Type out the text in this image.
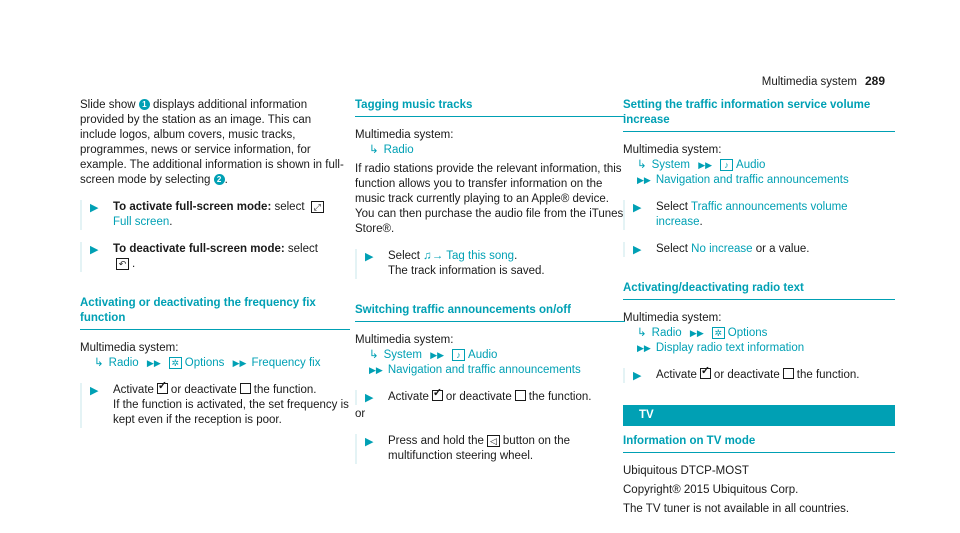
Multimedia system 289

Slide show 1 displays additional information provided by the station as an image. This can include logos, album covers, music tracks, programmes, news or service information, for example. The additional information is shown in full-screen mode by selecting 2 .

▶ To activate full-screen mode: select ⤢
Full screen.
▶ To deactivate full-screen mode: select
↶ .
Activating or deactivating the frequency fix function

Multimedia system:

↳ Radio ▶▶ ✲ Options ▶▶ Frequency fix

▶ Activate ✓ or deactivate the function.
If the function is activated, the set frequency is kept even if the reception is poor.
Tagging music tracks

Multimedia system:

↳ Radio

If radio stations provide the relevant information, this function allows you to transfer information on the music track currently playing to an Apple® device. You can then purchase the audio file from the iTunes Store®.

▶ Select ♫→ Tag this song.
The track information is saved.
Switching traffic announcements on/off

Multimedia system:

↳ System ▶▶ ♪ Audio

▶▶ Navigation and traffic announcements

▶ Activate ✓ or deactivate the function.

or

▶ Press and hold the ◁ button on the multifunction steering wheel.
Setting the traffic information service volume increase

Multimedia system:

↳ System ▶▶ ♪ Audio

▶▶ Navigation and traffic announcements

▶ Select Traffic announcements volume increase.
▶ Select No increase or a value.
Activating/deactivating radio text

Multimedia system:

↳ Radio ▶▶ ✲ Options

▶▶ Display radio text information

▶ Activate ✓ or deactivate the function.
TV
Information on TV mode

Ubiquitous DTCP-MOST

Copyright® 2015 Ubiquitous Corp.

The TV tuner is not available in all countries.
